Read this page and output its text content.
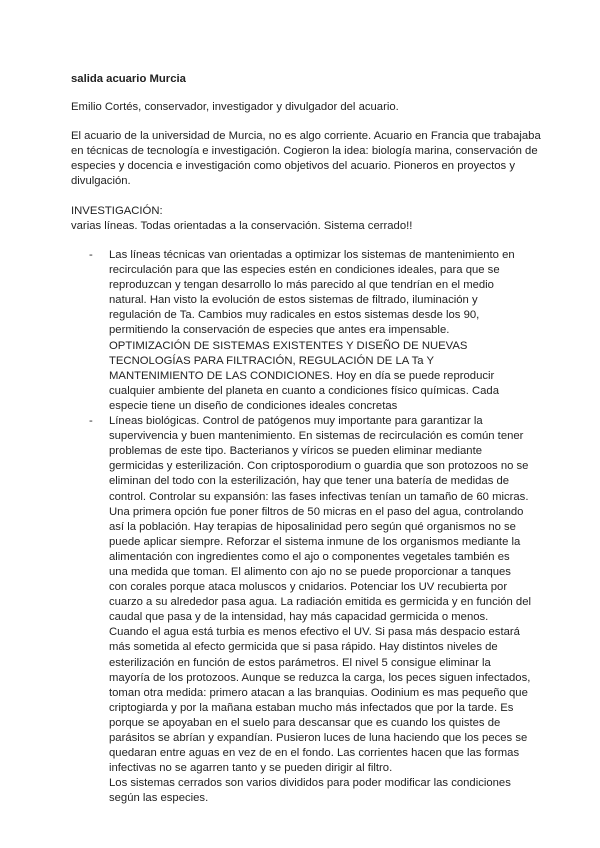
salida acuario Murcia
Emilio Cortés, conservador, investigador y divulgador del acuario.
El acuario de la universidad de Murcia, no es algo corriente. Acuario en Francia que trabajaba en técnicas de tecnología e investigación. Cogieron la idea: biología marina, conservación de especies y docencia e investigación como objetivos del acuario. Pioneros en proyectos y divulgación.
INVESTIGACIÓN:
varias líneas. Todas orientadas a la conservación. Sistema cerrado!!
- Las líneas técnicas van orientadas a optimizar los sistemas de mantenimiento en recirculación para que las especies estén en condiciones ideales, para que se reproduzcan y tengan desarrollo lo más parecido al que tendrían en el medio natural. Han visto la evolución de estos sistemas de filtrado, iluminación y regulación de Ta. Cambios muy radicales en estos sistemas desde los 90, permitiendo la conservación de especies que antes era impensable. OPTIMIZACIÓN DE SISTEMAS EXISTENTES Y DISEÑO DE NUEVAS TECNOLOGÍAS PARA FILTRACIÓN, REGULACIÓN DE LA Ta Y MANTENIMIENTO DE LAS CONDICIONES. Hoy en día se puede reproducir cualquier ambiente del planeta en cuanto a condiciones físico químicas. Cada especie tiene un diseño de condiciones ideales concretas
- Líneas biológicas. Control de patógenos muy importante para garantizar la supervivencia y buen mantenimiento. En sistemas de recirculación es común tener problemas de este tipo. Bacterianos y víricos se pueden eliminar mediante germicidas y esterilización. Con criptosporodium o guardia que son protozoos no se eliminan del todo con la esterilización, hay que tener una batería de medidas de control. Controlar su expansión: las fases infectivas tenían un tamaño de 60 micras. Una primera opción fue poner filtros de 50 micras en el paso del agua, controlando así la población. Hay terapias de hiposalinidad pero según qué organismos no se puede aplicar siempre. Reforzar el sistema inmune de los organismos mediante la alimentación con ingredientes como el ajo o componentes vegetales también es una medida que toman. El alimento con ajo no se puede proporcionar a tanques con corales porque ataca moluscos y cnidarios. Potenciar los UV recubierta por cuarzo a su alrededor pasa agua. La radiación emitida es germicida y en función del caudal que pasa y de la intensidad, hay más capacidad germicida o menos. Cuando el agua está turbia es menos efectivo el UV. Si pasa más despacio estará más sometida al efecto germicida que si pasa rápido. Hay distintos niveles de esterilización en función de estos parámetros. El nivel 5 consigue eliminar la mayoría de los protozoos. Aunque se reduzca la carga, los peces siguen infectados, toman otra medida: primero atacan a las branquias. Oodinium es mas pequeño que criptogiarda y por la mañana estaban mucho más infectados que por la tarde. Es porque se apoyaban en el suelo para descansar que es cuando los quistes de parásitos se abrían y expandían. Pusieron luces de luna haciendo que los peces se quedaran entre aguas en vez de en el fondo. Las corrientes hacen que las formas infectivas no se agarren tanto y se pueden dirigir al filtro.

Los sistemas cerrados son varios divididos para poder modificar las condiciones según las especies.
